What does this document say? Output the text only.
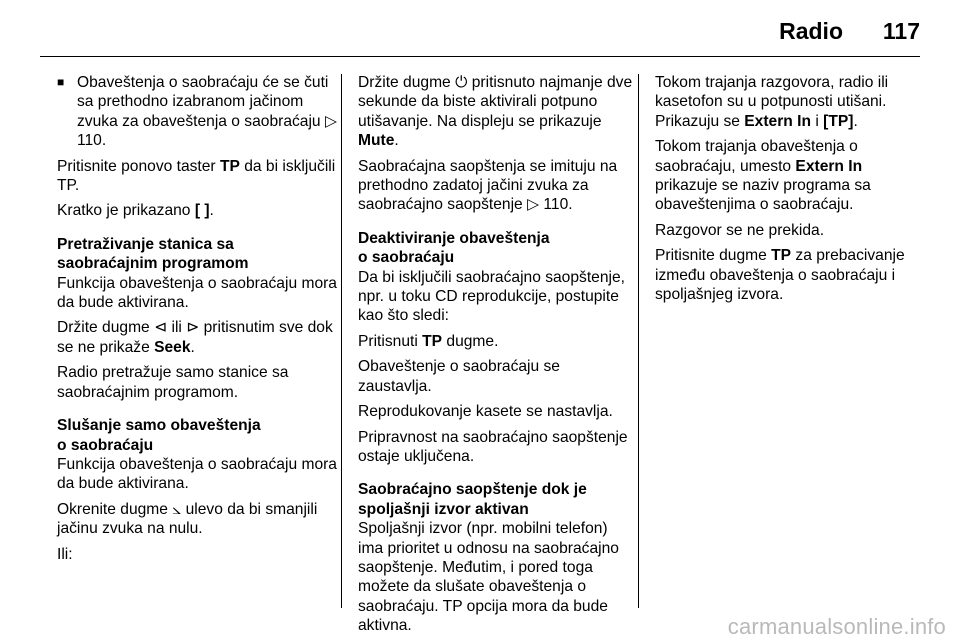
Radio 117

■ Obaveštenja o saobraćaju će se čuti sa prethodno izabranom jačinom zvuka za obaveštenja o saobraćaju ▷ 110.

Pritisnite ponovo taster TP da bi isključili TP.

Kratko je prikazano [ ].

Pretraživanje stanica sa
saobraćajnim programom

Funkcija obaveštenja o saobraćaju mora da bude aktivirana.

Držite dugme ⊲ ili ⊳ pritisnutim sve dok se ne prikaže Seek.

Radio pretražuje samo stanice sa saobraćajnim programom.

Slušanje samo obaveštenja
o saobraćaju

Funkcija obaveštenja o saobraćaju mora da bude aktivirana.

Okrenite dugme ⦣ ulevo da bi smanjili jačinu zvuka na nulu.

Ili:

Držite dugme ⏻ pritisnuto najmanje dve sekunde da biste aktivirali potpuno utišavanje. Na displeju se prikazuje Mute.

Saobraćajna saopštenja se imituju na prethodno zadatoj jačini zvuka za saobraćajno saopštenje ▷ 110.

Deaktiviranje obaveštenja
o saobraćaju

Da bi isključili saobraćajno saopštenje, npr. u toku CD reprodukcije, postupite kao što sledi:

Pritisnuti TP dugme.

Obaveštenje o saobraćaju se zaustavlja.

Reprodukovanje kasete se nastavlja.

Pripravnost na saobraćajno saopštenje ostaje uključena.

Saobraćajno saopštenje dok je
spoljašnji izvor aktivan

Spoljašnji izvor (npr. mobilni telefon) ima prioritet u odnosu na saobraćajno saopštenje. Međutim, i pored toga možete da slušate obaveštenja o saobraćaju. TP opcija mora da bude aktivna.

Tokom trajanja razgovora, radio ili kasetofon su u potpunosti utišani. Prikazuju se Extern In i [TP].

Tokom trajanja obaveštenja o saobraćaju, umesto Extern In prikazuje se naziv programa sa obaveštenjima o saobraćaju.

Razgovor se ne prekida.

Pritisnite dugme TP za prebacivanje između obaveštenja o saobraćaju i spoljašnjeg izvora.

carmanualsonline.info
